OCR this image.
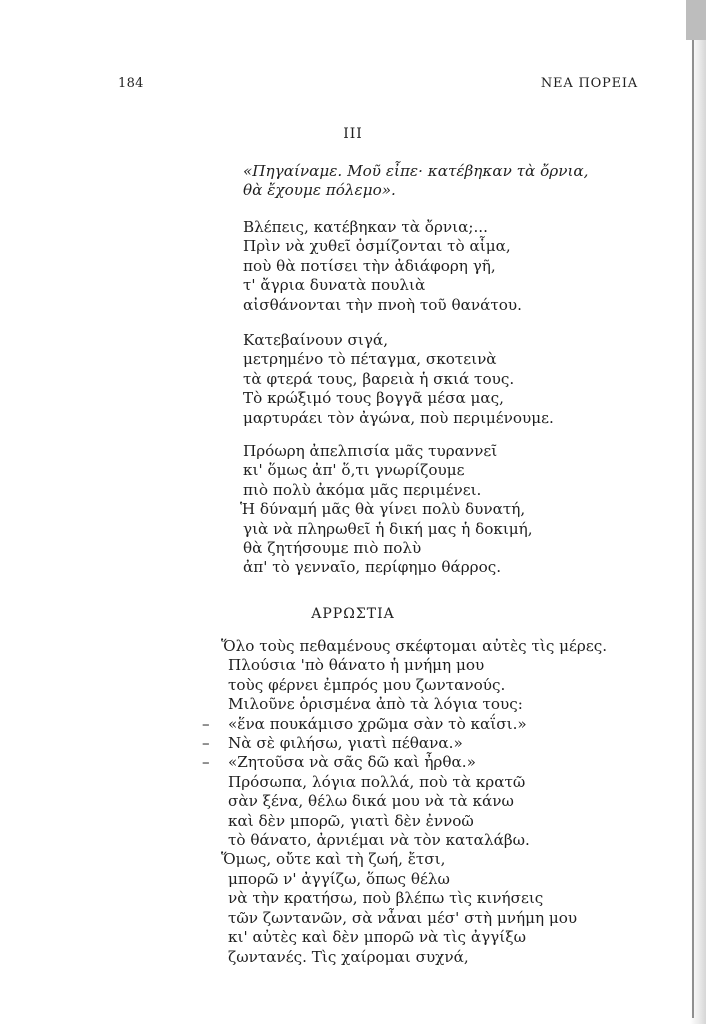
184	ΝΕΑ ΠΟΡΕΙΑ
III
«Πηγαίναμε. Μοῦ εἶπε· κατέβηκαν τὰ ὄρνια,
θὰ ἔχουμε πόλεμο».
Βλέπεις, κατέβηκαν τὰ ὄρνια;...
Πρὶν νὰ χυθεῖ ὀσμίζονται τὸ αἷμα,
ποὺ θὰ ποτίσει τὴν ἀδιάφορη γῆ,
τ' ἄγρια δυνατὰ πουλιὰ
αἰσθάνονται τὴν πνοὴ τοῦ θανάτου.
Κατεβαίνουν σιγά,
μετρημένο τὸ πέταγμα, σκοτεινὰ
τὰ φτερά τους, βαρειὰ ἡ σκιά τους.
Τὸ κρώξιμό τους βογγᾶ μέσα μας,
μαρτυράει τὸν ἀγώνα, ποὺ περιμένουμε.
Πρόωρη ἀπελπισία μᾶς τυραννεῖ
κι' ὅμως ἀπ' ὅ,τι γνωρίζουμε
πιὸ πολὺ ἀκόμα μᾶς περιμένει.
Ἡ δύναμή μᾶς θὰ γίνει πολὺ δυνατή,
γιὰ νὰ πληρωθεῖ ἡ δική μας ἡ δοκιμή,
θὰ ζητήσουμε πιὸ πολὺ
ἀπ' τὸ γενναῖο, περίφημο θάρρος.
ΑΡΡΩΣΤΙΑ
Ὅλο τοὺς πεθαμένους σκέφτομαι αὐτὲς τὶς μέρες.
Πλούσια 'πὸ θάνατο ἡ μνήμη μου
τοὺς φέρνει ἐμπρός μου ζωντανούς.
Μιλοῦνε ὁρισμένα ἀπὸ τὰ λόγια τους:
– «ἕνα πουκάμισο χρῶμα σὰν τὸ καΐσι.»
– Νὰ σὲ φιλήσω, γιατὶ πέθανα.»
– «Ζητοῦσα νὰ σᾶς δῶ καὶ ἦρθα.»
Πρόσωπα, λόγια πολλά, ποὺ τὰ κρατῶ
σὰν ξένα, θέλω δικά μου νὰ τὰ κάνω
καὶ δὲν μπορῶ, γιατὶ δὲν ἐννοῶ
τὸ θάνατο, ἀρνιέμαι νὰ τὸν καταλάβω.
Ὅμως, οὔτε καὶ τὴ ζωή, ἔτσι,
μπορῶ ν' ἀγγίζω, ὅπως θέλω
νὰ τὴν κρατήσω, ποὺ βλέπω τὶς κινήσεις
τῶν ζωντανῶν, σὰ νἆναι μέσ' στὴ μνήμη μου
κι' αὐτὲς καὶ δὲν μπορῶ νὰ τὶς ἀγγίξω
ζωντανές. Τὶς χαίρομαι συχνά,
